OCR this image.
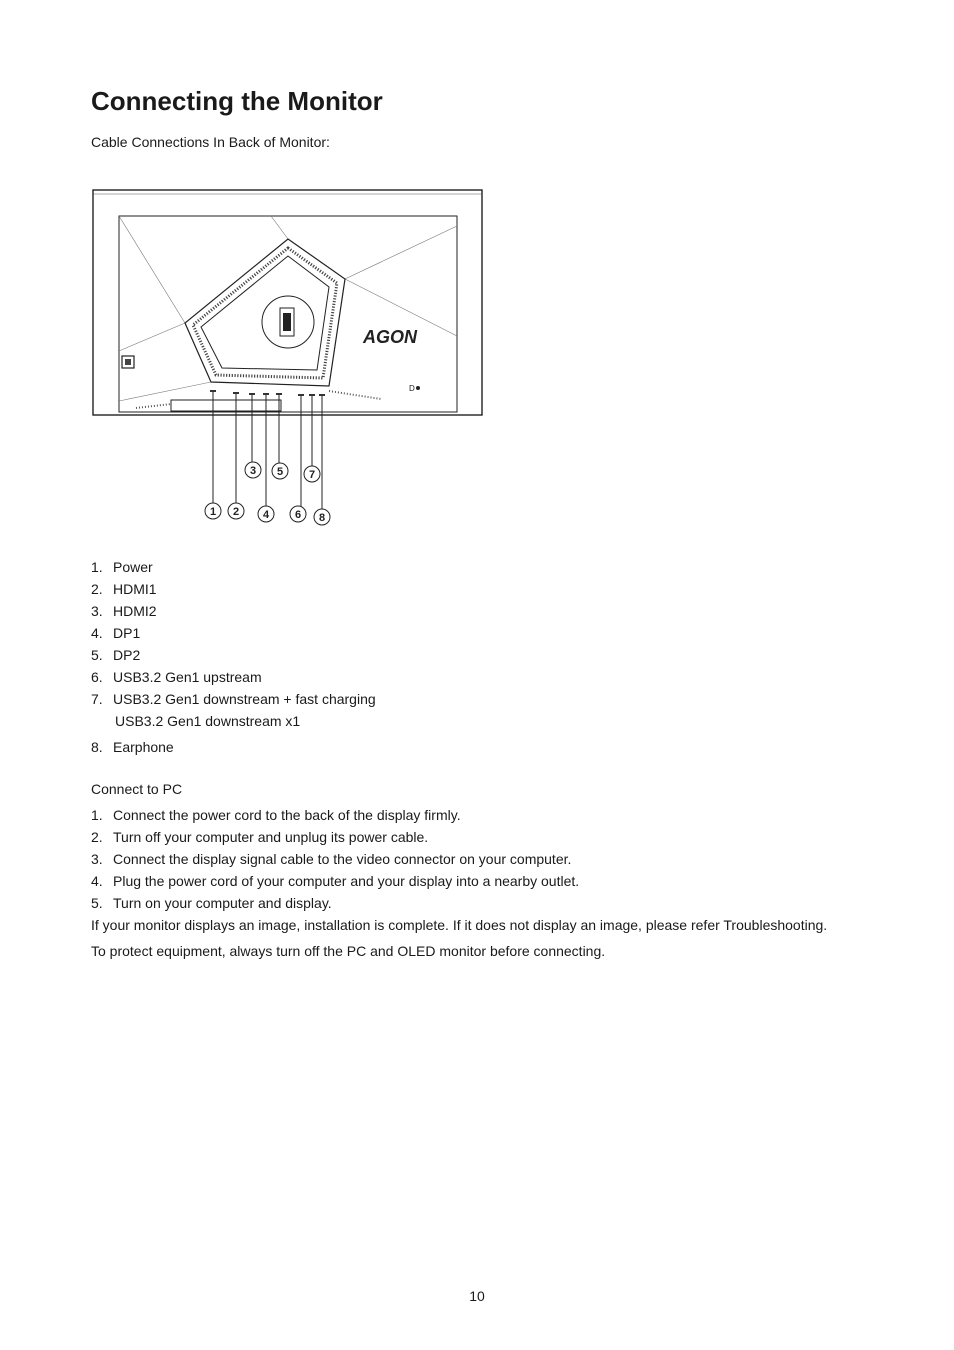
Connecting the Monitor
Cable Connections In Back of Monitor:
AGON
D
1 2
3
4
5
6
7
8
1. Power
2. HDMI1
3. HDMI2
4. DP1
5. DP2
6. USB3.2 Gen1 upstream
7. USB3.2 Gen1 downstream + fast charging
USB3.2 Gen1 downstream x1
8. Earphone
Connect to PC
1. Connect the power cord to the back of the display firmly.
2. Turn off your computer and unplug its power cable.
3. Connect the display signal cable to the video connector on your computer.
4. Plug the power cord of your computer and your display into a nearby outlet.
5. Turn on your computer and display.
If your monitor displays an image, installation is complete. If it does not display an image, please refer Troubleshooting.
To protect equipment, always turn off the PC and OLED monitor before connecting.
10
